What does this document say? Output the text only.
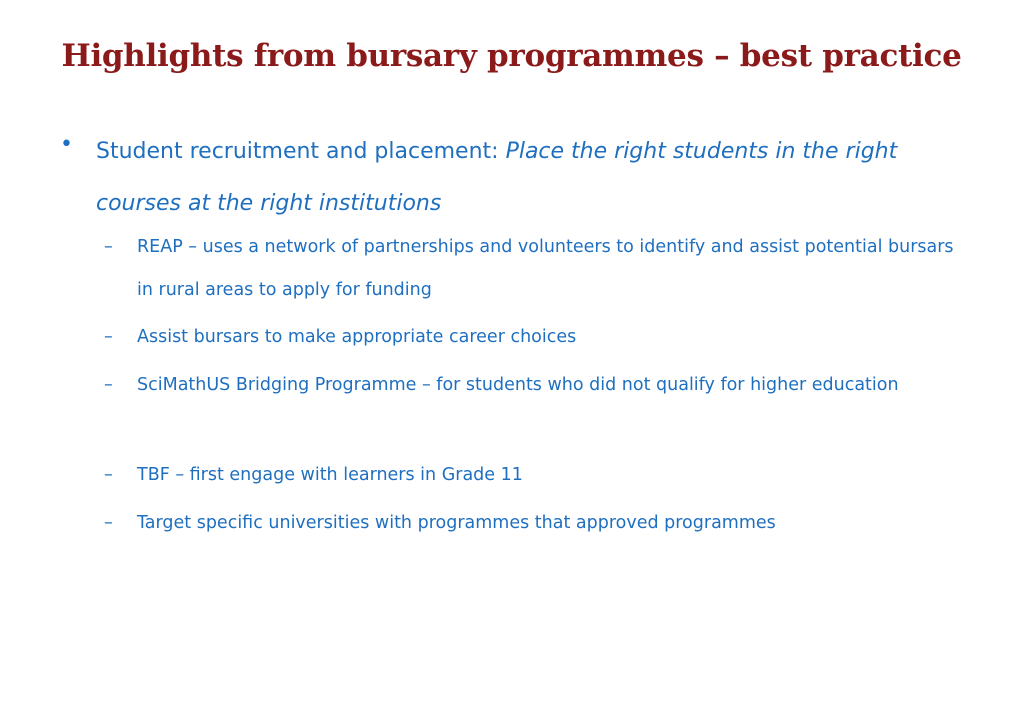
Highlights from bursary programmes – best practice
• Student recruitment and placement: Place the right students in the right courses at the right institutions
– REAP – uses a network of partnerships and volunteers to identify and assist potential bursars in rural areas to apply for funding
– Assist bursars to make appropriate career choices
– SciMathUS Bridging Programme – for students who did not qualify for higher education
– TBF – first engage with learners in Grade 11
– Target specific universities with programmes that approved programmes
